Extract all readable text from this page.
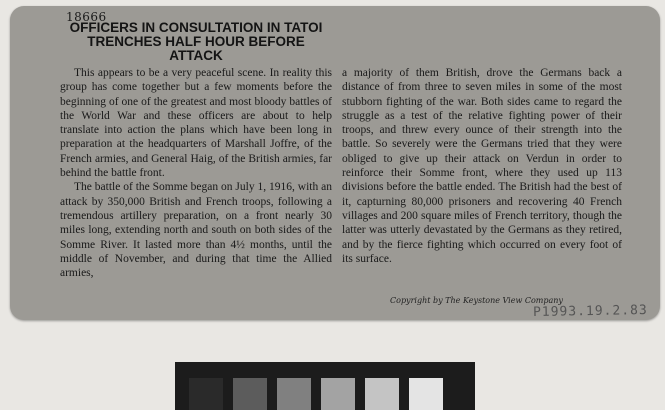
18666
OFFICERS IN CONSULTATION IN TATOI TRENCHES HALF HOUR BEFORE ATTACK

This appears to be a very peaceful scene. In reality this group has come together but a few moments before the beginning of one of the greatest and most bloody battles of the World War and these officers are about to help translate into action the plans which have been long in preparation at the headquarters of Marshall Joffre, of the French armies, and General Haig, of the British armies, far behind the battle front.

The battle of the Somme began on July 1, 1916, with an attack by 350,000 British and French troops, following a tremendous artillery preparation, on a front nearly 30 miles long, extending north and south on both sides of the Somme River. It lasted more than 4½ months, until the middle of November, and during that time the Allied armies,

a majority of them British, drove the Germans back a distance of from three to seven miles in some of the most stubborn fighting of the war. Both sides came to regard the struggle as a test of the relative fighting power of their troops, and threw every ounce of their strength into the battle. So severely were the Germans tried that they were obliged to give up their attack on Verdun in order to reinforce their Somme front, where they used up 113 divisions before the battle ended. The British had the best of it, capturning 80,000 prisoners and recovering 40 French villages and 200 square miles of French territory, though the latter was utterly devastated by the Germans as they retired, and by the fierce fighting which occurred on every foot of its surface.

Copyright by The Keystone View Company
P1993.19.2.83
